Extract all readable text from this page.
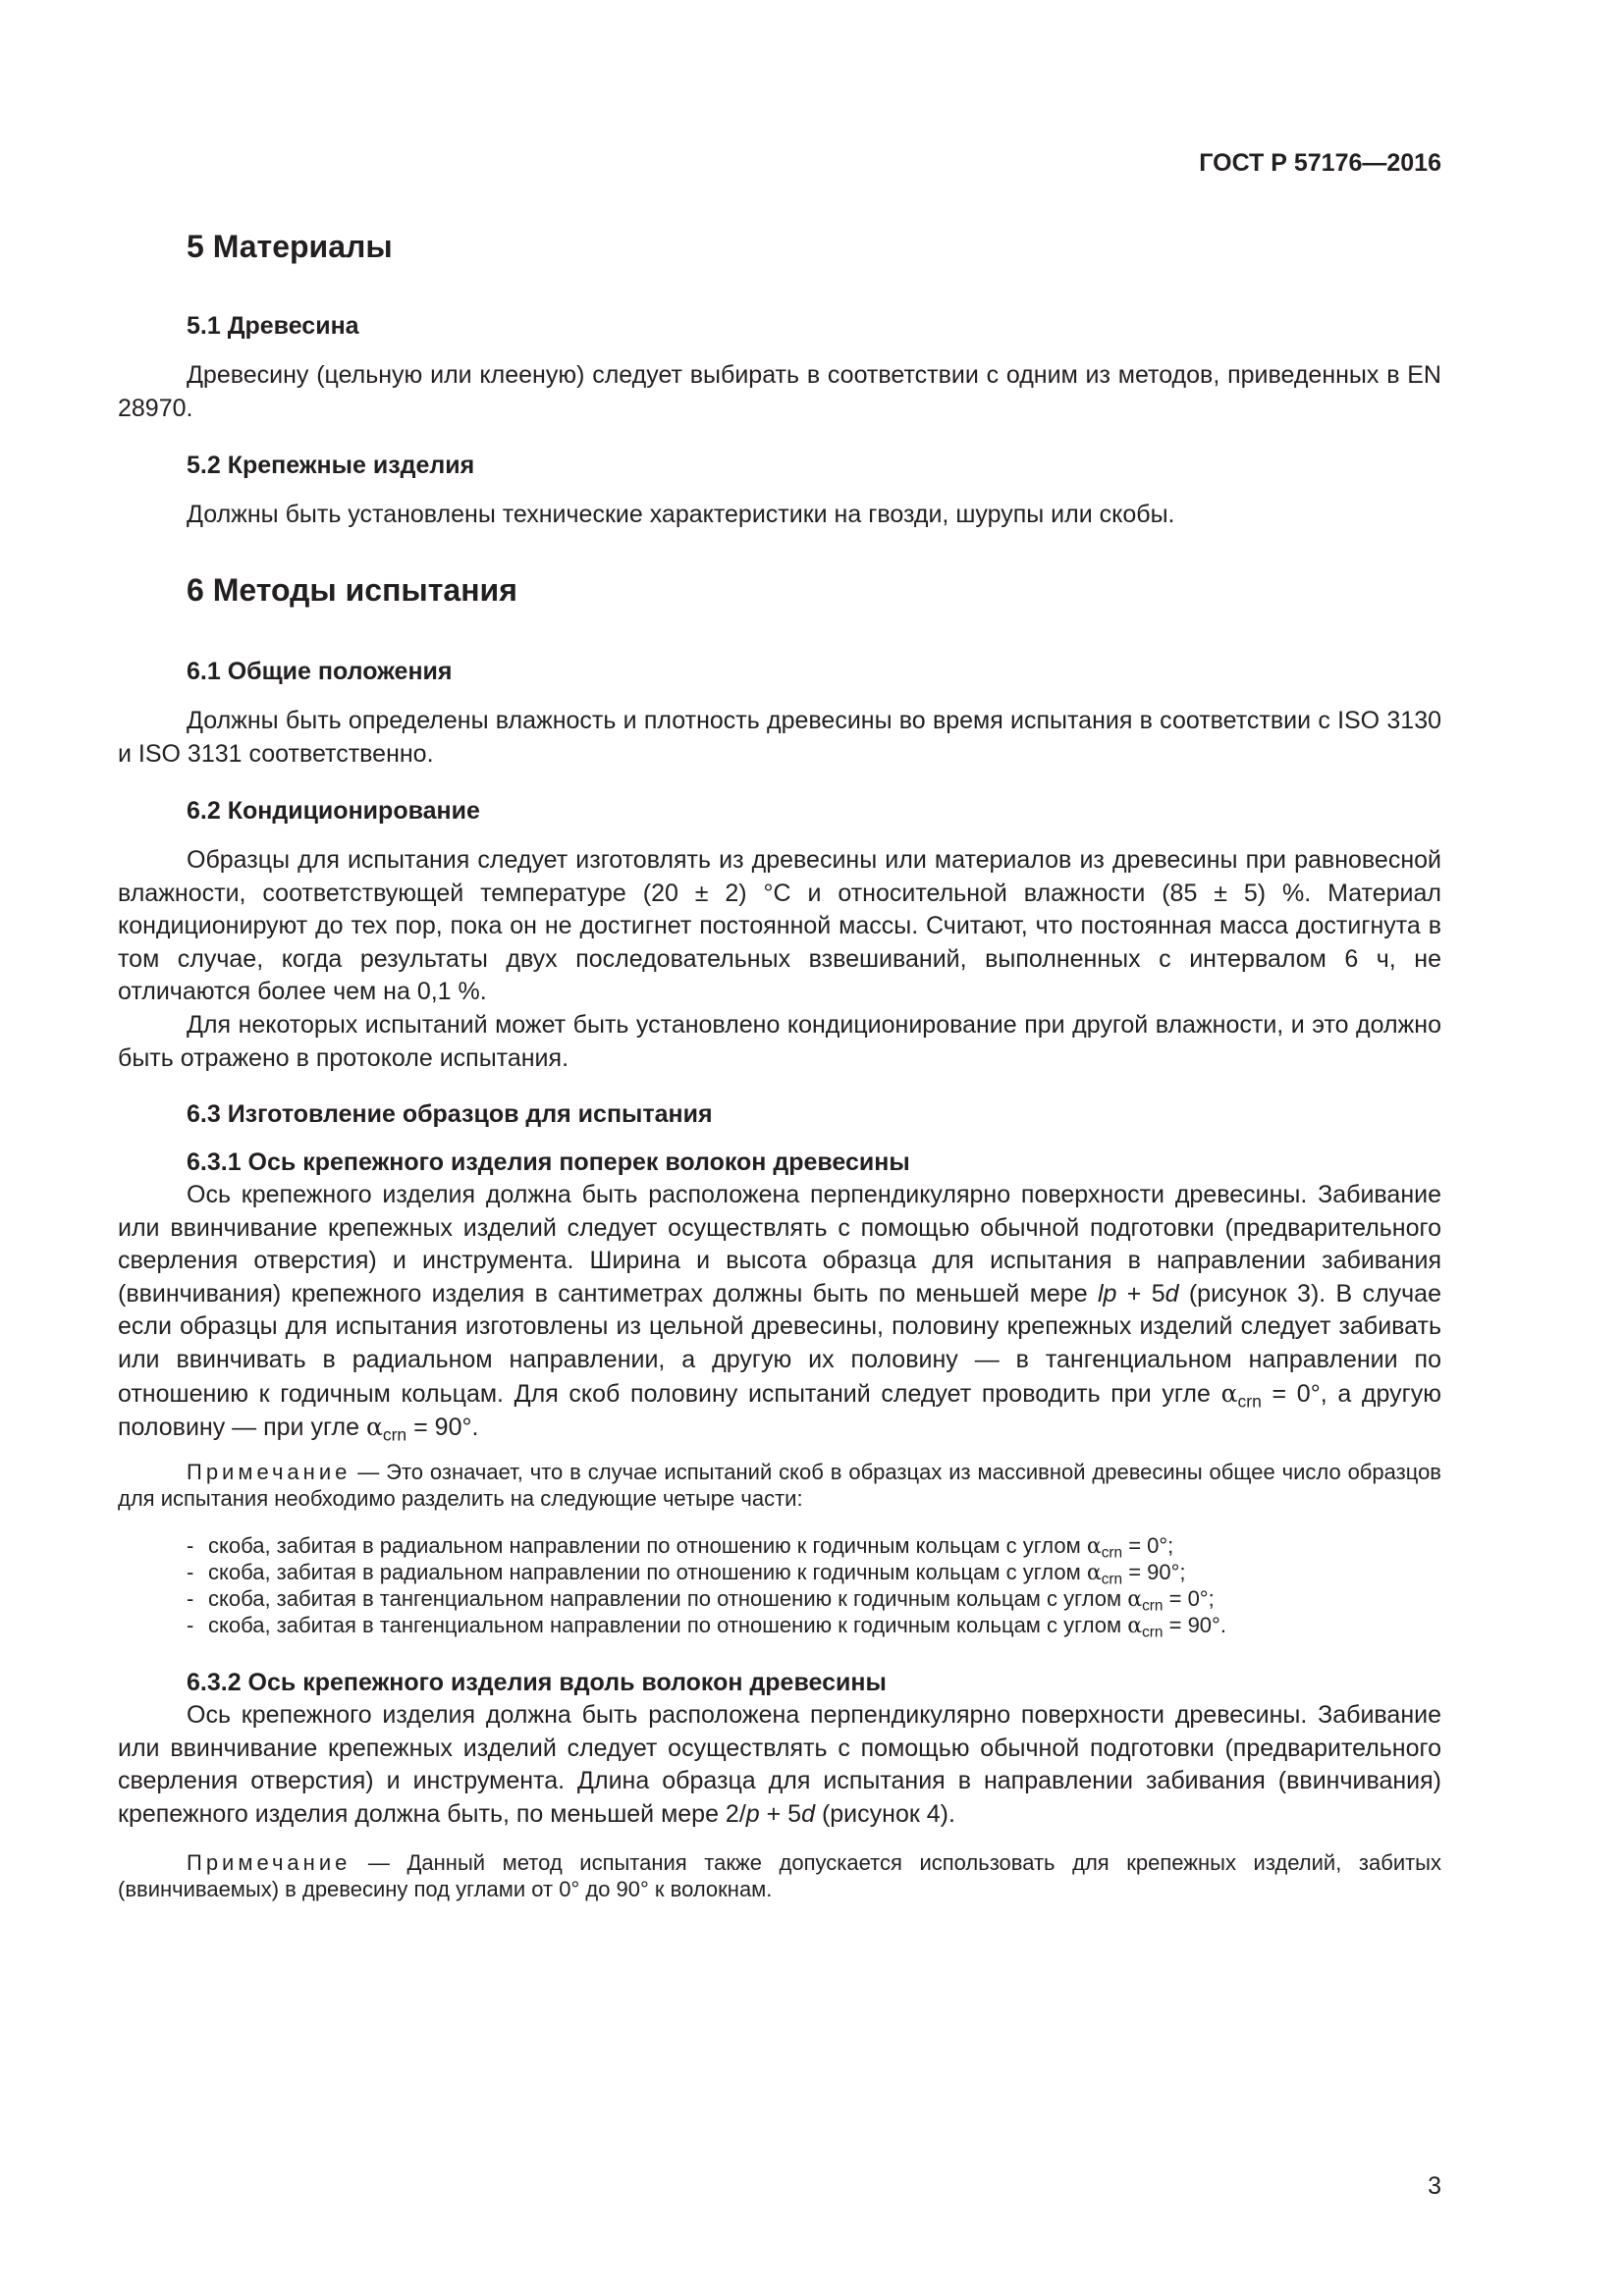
ГОСТ Р 57176—2016
5 Материалы
5.1 Древесина
Древесину (цельную или клееную) следует выбирать в соответствии с одним из методов, приведенных в EN 28970.
5.2 Крепежные изделия
Должны быть установлены технические характеристики на гвозди, шурупы или скобы.
6 Методы испытания
6.1 Общие положения
Должны быть определены влажность и плотность древесины во время испытания в соответствии с ISO 3130 и ISO 3131 соответственно.
6.2 Кондиционирование
Образцы для испытания следует изготовлять из древесины или материалов из древесины при равновесной влажности, соответствующей температуре (20 ± 2) °С и относительной влажности (85 ± 5) %. Материал кондиционируют до тех пор, пока он не достигнет постоянной массы. Считают, что постоянная масса достигнута в том случае, когда результаты двух последовательных взвешиваний, выполненных с интервалом 6 ч, не отличаются более чем на 0,1 %.
Для некоторых испытаний может быть установлено кондиционирование при другой влажности, и это должно быть отражено в протоколе испытания.
6.3 Изготовление образцов для испытания
6.3.1 Ось крепежного изделия поперек волокон древесины
Ось крепежного изделия должна быть расположена перпендикулярно поверхности древесины. Забивание или ввинчивание крепежных изделий следует осуществлять с помощью обычной подготовки (предварительного сверления отверстия) и инструмента. Ширина и высота образца для испытания в направлении забивания (ввинчивания) крепежного изделия в сантиметрах должны быть по меньшей мере lp + 5d (рисунок 3). В случае если образцы для испытания изготовлены из цельной древесины, половину крепежных изделий следует забивать или ввинчивать в радиальном направлении, а другую их половину — в тангенциальном направлении по отношению к годичным кольцам. Для скоб половину испытаний следует проводить при угле $\alpha_{crn} = 0^\circ$, а другую половину — при угле $\alpha_{crn} = 90^\circ$.
Примечание — Это означает, что в случае испытаний скоб в образцах из массивной древесины общее число образцов для испытания необходимо разделить на следующие четыре части:
- скоба, забитая в радиальном направлении по отношению к годичным кольцам с углом $\alpha_{crn} = 0^\circ$;
- скоба, забитая в радиальном направлении по отношению к годичным кольцам с углом $\alpha_{crn} = 90^\circ$;
- скоба, забитая в тангенциальном направлении по отношению к годичным кольцам с углом $\alpha_{crn} = 0^\circ$;
- скоба, забитая в тангенциальном направлении по отношению к годичным кольцам с углом $\alpha_{crn} = 90^\circ$.
6.3.2 Ось крепежного изделия вдоль волокон древесины
Ось крепежного изделия должна быть расположена перпендикулярно поверхности древесины. Забивание или ввинчивание крепежных изделий следует осуществлять с помощью обычной подготовки (предварительного сверления отверстия) и инструмента. Длина образца для испытания в направлении забивания (ввинчивания) крепежного изделия должна быть, по меньшей мере 2/p + 5d (рисунок 4).
Примечание — Данный метод испытания также допускается использовать для крепежных изделий, забитых (ввинчиваемых) в древесину под углами от 0° до 90° к волокнам.
3
